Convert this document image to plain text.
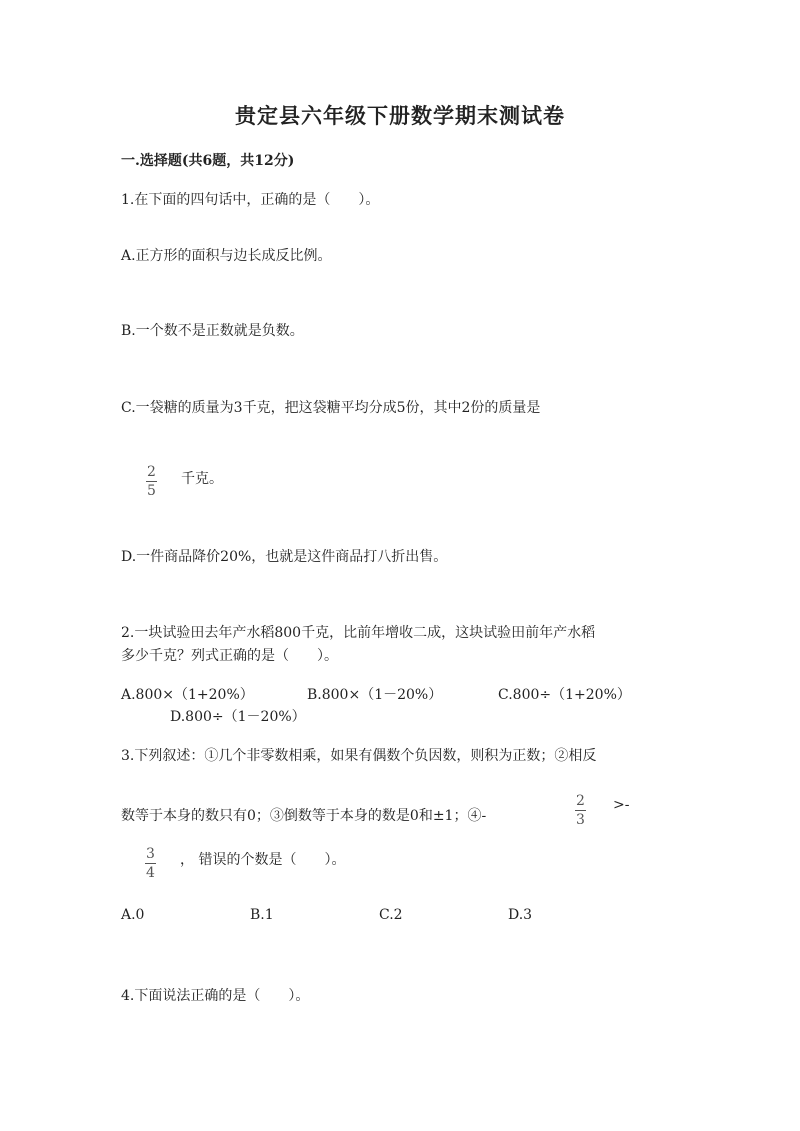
贵定县六年级下册数学期末测试卷
一.选择题(共6题，共12分)
1.在下面的四句话中，正确的是（　　）。
A.正方形的面积与边长成反比例。
B.一个数不是正数就是负数。
C.一袋糖的质量为3千克，把这袋糖平均分成5份，其中2份的质量是
$\frac{2}{5}$ 千克。
D.一件商品降价20%，也就是这件商品打八折出售。
2.一块试验田去年产水稻800千克，比前年增收二成，这块试验田前年产水稻
多少千克？列式正确的是（　　）。
A.800×（1+20%）	B.800×（1－20%）	C.800÷（1+20%）
D.800÷（1－20%）
3.下列叙述：①几个非零数相乘，如果有偶数个负因数，则积为正数；②相反
数等于本身的数只有0；③倒数等于本身的数是0和±1；④-	$\frac{2}{3}$ >-
$\frac{3}{4}$ ， 错误的个数是（　　）。
A.0	B.1	C.2	D.3
4.下面说法正确的是（　　）。
